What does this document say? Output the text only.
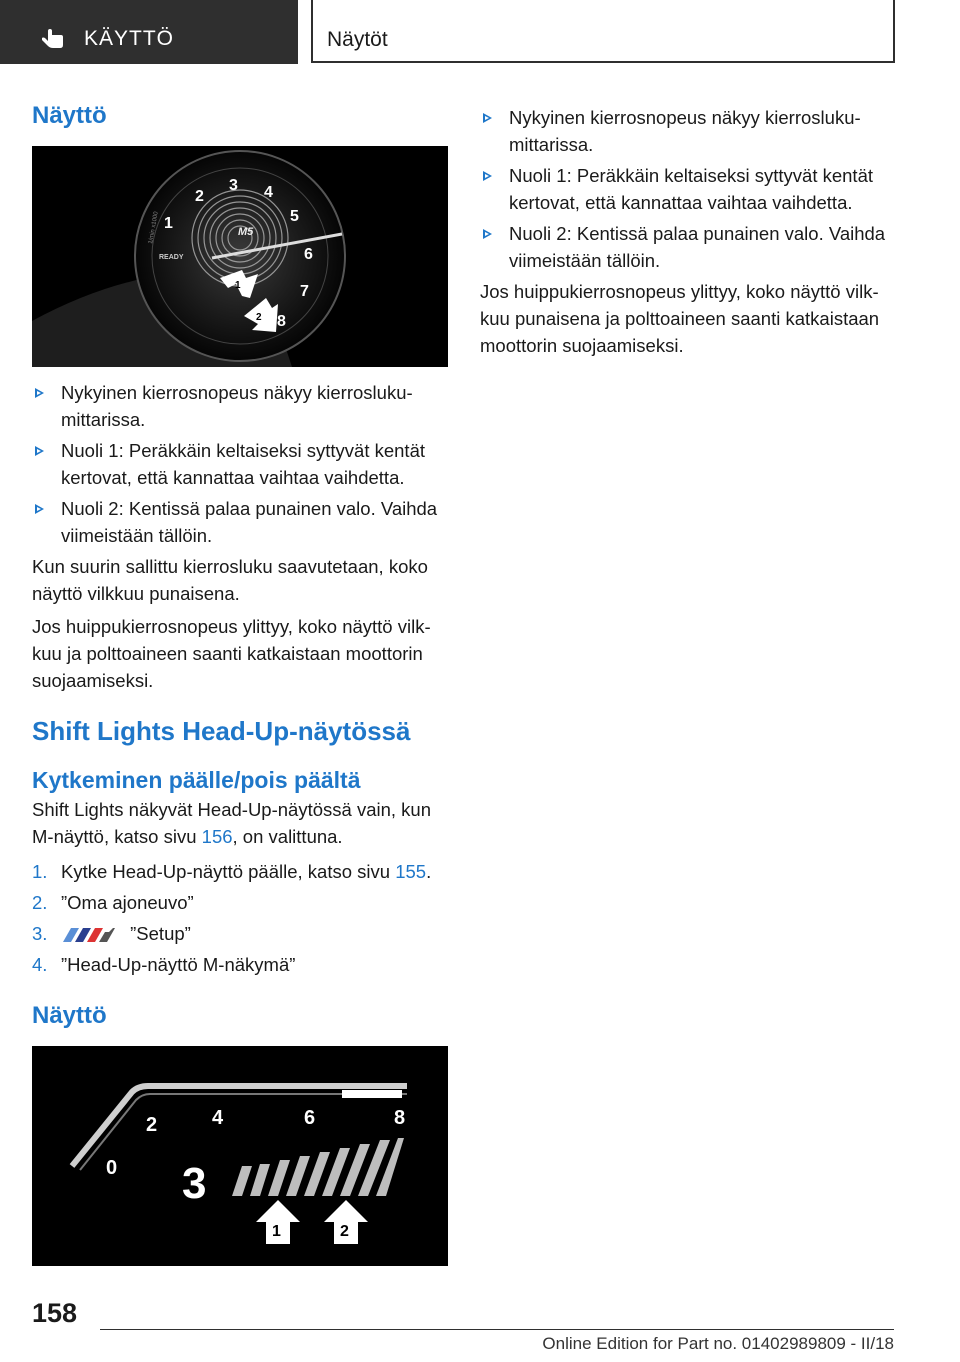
KÄYTTÖ	Näytöt
Näyttö
M5
1
2
3 4
5
6
7
8
READY
1/min x1000
1
2
Nykyinen kierrosnopeus näkyy kierrosluku-mittarissa.
Nuoli 1: Peräkkäin keltaiseksi syttyvät kentät kertovat, että kannattaa vaihtaa vaihdetta.
Nuoli 2: Kentissä palaa punainen valo. Vaihda viimeistään tällöin.

Kun suurin sallittu kierrosluku saavutetaan, koko näyttö vilkkuu punaisena.

Jos huippukierrosnopeus ylittyy, koko näyttö vilk-kuu ja polttoaineen saanti katkaistaan moottorin suojaamiseksi.

Shift Lights Head-Up-näytössä
Kytkeminen päälle/pois päältä

Shift Lights näkyvät Head-Up-näytössä vain, kun M-näyttö, katso sivu 156, on valittuna.

1. Kytke Head-Up-näyttö päälle, katso sivu 155.
2. ”Oma ajoneuvo”
3.	”Setup”
4. ”Head-Up-näyttö M-näkymä”
Näyttö
0
2	4	6	8
3
1	2
Nykyinen kierrosnopeus näkyy kierrosluku-mittarissa.
Nuoli 1: Peräkkäin keltaiseksi syttyvät kentät kertovat, että kannattaa vaihtaa vaihdetta.
Nuoli 2: Kentissä palaa punainen valo. Vaihda viimeistään tällöin.

Jos huippukierrosnopeus ylittyy, koko näyttö vilk-kuu punaisena ja polttoaineen saanti katkaistaan moottorin suojaamiseksi.

158
Online Edition for Part no. 01402989809 - II/18
